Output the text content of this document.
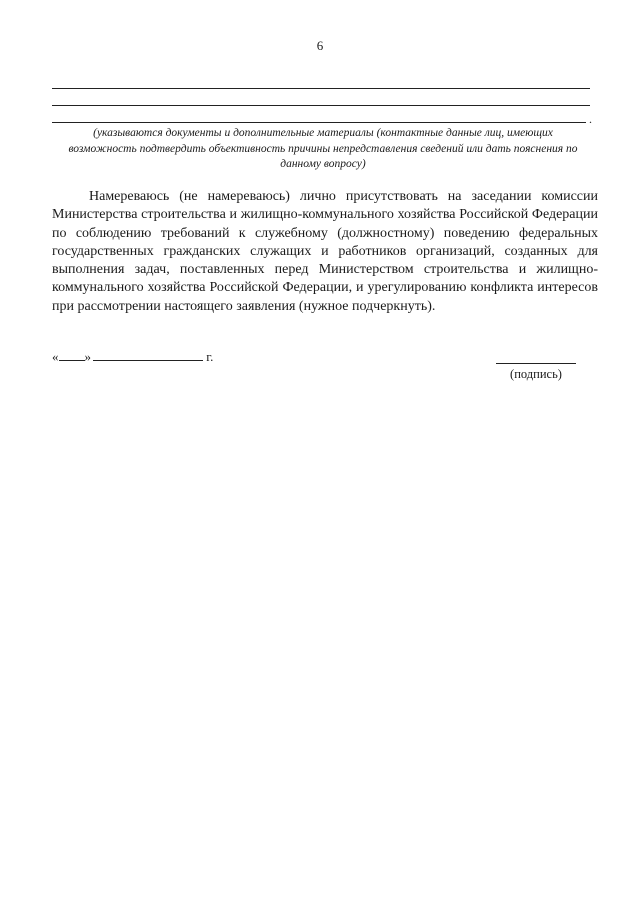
6
.
(указываются документы и дополнительные материалы (контактные данные лиц, имеющих возможность подтвердить объективность причины непредставления сведений или дать пояснения по данному вопросу)

Намереваюсь (не намереваюсь) лично присутствовать на заседании комиссии Министерства строительства и жилищно-коммунального хозяйства Российской Федерации по соблюдению требований к служебному (должностному) поведению федеральных государственных гражданских служащих и работников организаций, созданных для выполнения задач, поставленных перед Министерством строительства и жилищно-коммунального хозяйства Российской Федерации, и урегулированию конфликта интересов при рассмотрении настоящего заявления (нужное подчеркнуть).

« »	г.
(подпись)
